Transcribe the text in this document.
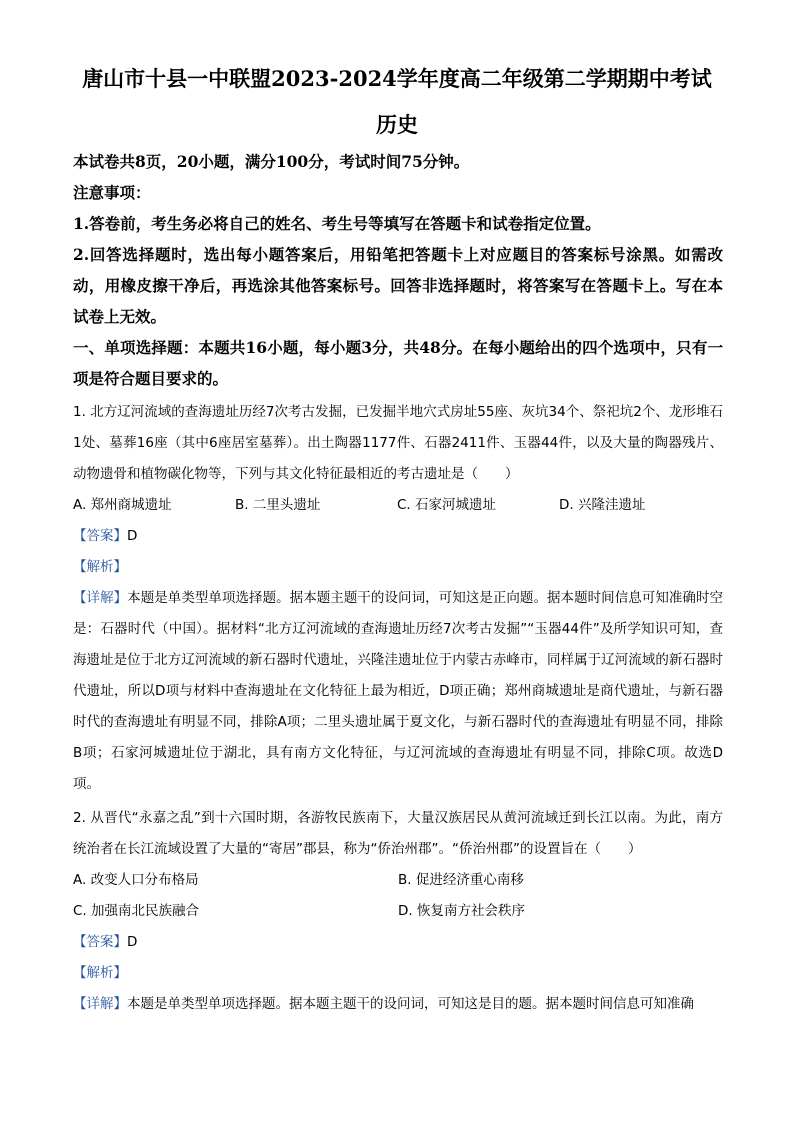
唐山市十县一中联盟2023-2024学年度高二年级第二学期期中考试
历史
本试卷共8页，20小题，满分100分，考试时间75分钟。
注意事项：
1.答卷前，考生务必将自己的姓名、考生号等填写在答题卡和试卷指定位置。
2.回答选择题时，选出每小题答案后，用铅笔把答题卡上对应题目的答案标号涂黑。如需改动，用橡皮擦干净后，再选涂其他答案标号。回答非选择题时，将答案写在答题卡上。写在本试卷上无效。
一、单项选择题：本题共16小题，每小题3分，共48分。在每小题给出的四个选项中，只有一项是符合题目要求的。
1. 北方辽河流域的查海遗址历经7次考古发掘，已发掘半地穴式房址55座、灰坑34个、祭祀坑2个、龙形堆石1处、墓葬16座（其中6座居室墓葬）。出土陶器1177件、石器2411件、玉器44件，以及大量的陶器残片、动物遗骨和植物碳化物等，下列与其文化特征最相近的考古遗址是（　　）
A. 郑州商城遗址	B. 二里头遗址	C. 石家河城遗址	D. 兴隆洼遗址
【答案】D
【解析】
【详解】本题是单类型单项选择题。据本题主题干的设问词，可知这是正向题。据本题时间信息可知准确时空是：石器时代（中国）。据材料“北方辽河流域的查海遗址历经7次考古发掘”“玉器44件”及所学知识可知，查海遗址是位于北方辽河流域的新石器时代遗址，兴隆洼遗址位于内蒙古赤峰市，同样属于辽河流域的新石器时代遗址，所以D项与材料中查海遗址在文化特征上最为相近，D项正确；郑州商城遗址是商代遗址，与新石器时代的查海遗址有明显不同，排除A项；二里头遗址属于夏文化，与新石器时代的查海遗址有明显不同，排除B项；石家河城遗址位于湖北，具有南方文化特征，与辽河流域的查海遗址有明显不同，排除C项。故选D项。
2. 从晋代“永嘉之乱”到十六国时期，各游牧民族南下，大量汉族居民从黄河流域迁到长江以南。为此，南方统治者在长江流域设置了大量的“寄居”郡县，称为“侨治州郡”。“侨治州郡”的设置旨在（　　）
A. 改变人口分布格局	B. 促进经济重心南移
C. 加强南北民族融合	D. 恢复南方社会秩序
【答案】D
【解析】
【详解】本题是单类型单项选择题。据本题主题干的设问词，可知这是目的题。据本题时间信息可知准确
